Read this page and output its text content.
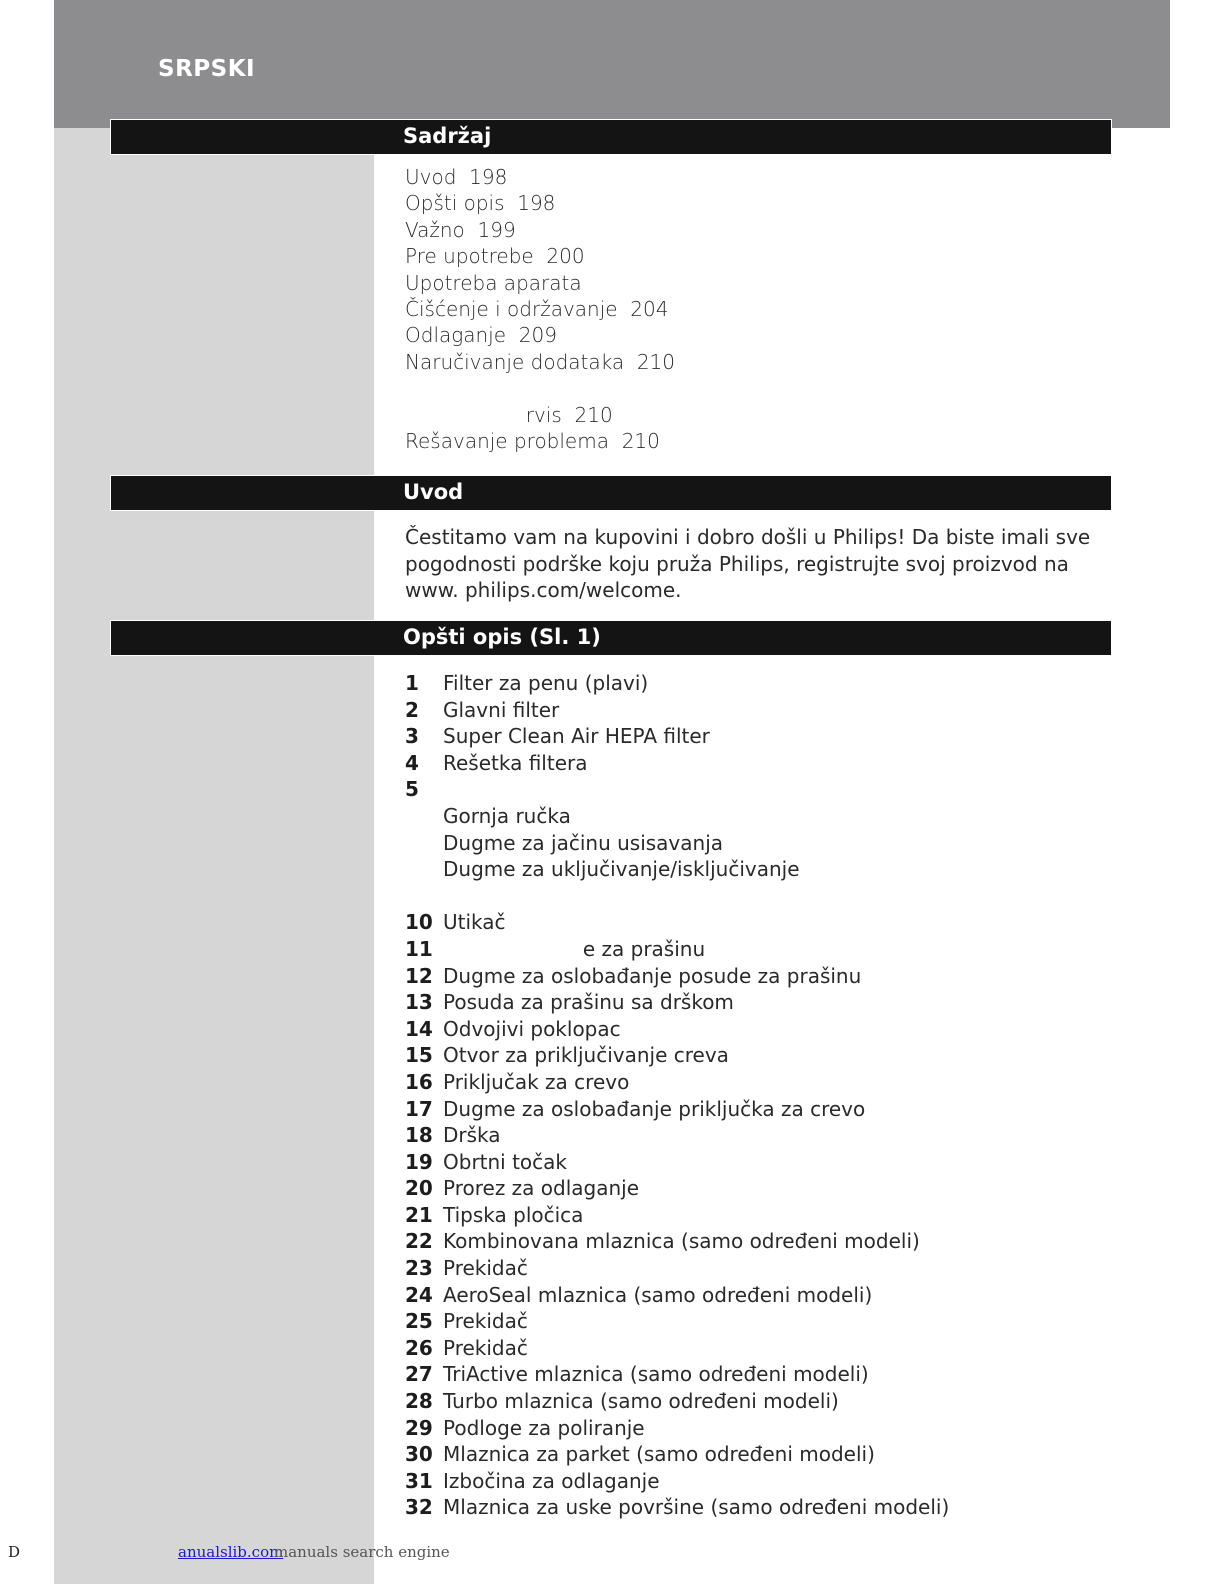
SRPSKI
Sadržaj
Uvod  198
Opšti opis  198
Važno  199
Pre upotrebe  200
Upotreba aparata
Čišćenje i održavanje  204
Odlaganje  209
Naručivanje dodataka  210
rvis  210
Rešavanje problema  210
Uvod
Čestitamo vam na kupovini i dobro došli u Philips! Da biste imali sve pogodnosti podrške koju pruža Philips, registrujte svoj proizvod na www. philips.com/welcome.
Opšti opis (Sl. 1)
1 Filter za penu (plavi)
2 Glavni filter
3 Super Clean Air HEPA filter
4 Rešetka filtera
5
Gornja ručka
Dugme za jačinu usisavanja
Dugme za uključivanje/isključivanje
10 Utikač
11 e za prašinu
12 Dugme za oslobađanje posude za prašinu
13 Posuda za prašinu sa drškom
14 Odvojivi poklopac
15 Otvor za priključivanje creva
16 Priključak za crevo
17 Dugme za oslobađanje priključka za crevo
18 Drška
19 Obrtni točak
20 Prorez za odlaganje
21 Tipska pločica
22 Kombinovana mlaznica (samo određeni modeli)
23 Prekidač
24 AeroSeal mlaznica (samo određeni modeli)
25 Prekidač
26 Prekidač
27 TriActive mlaznica (samo određeni modeli)
28 Turbo mlaznica (samo određeni modeli)
29 Podloge za poliranje
30 Mlaznica za parket (samo određeni modeli)
31 Izbočina za odlaganje
32 Mlaznica za uske površine (samo određeni modeli)
D	anualslib.com
manuals search engine
